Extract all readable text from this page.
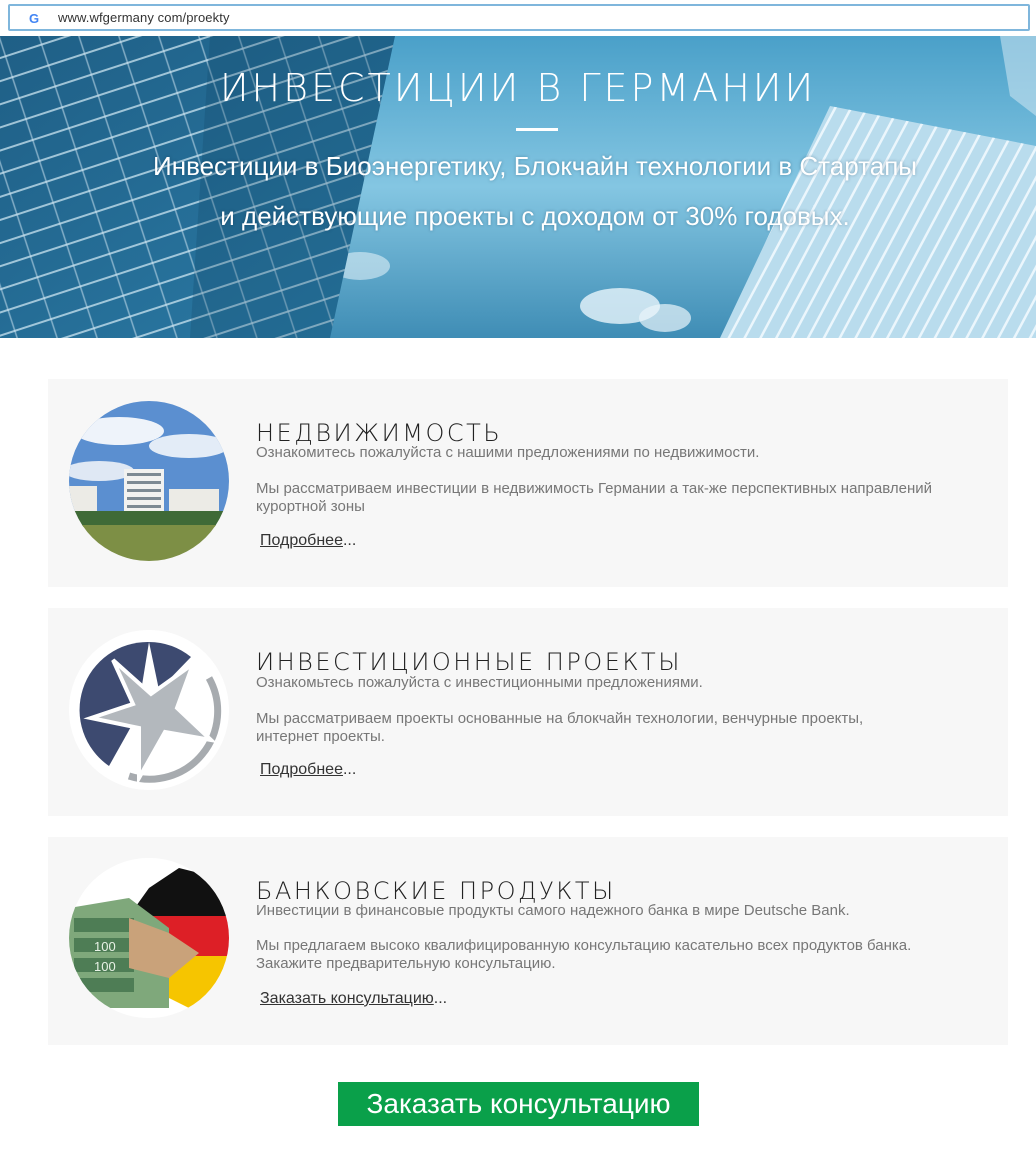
G www.wfgermany com/proekty
ИНВЕСТИЦИИ В ГЕРМАНИИ
Инвестиции в Биоэнергетику, Блокчайн технологии в Стартапы
и действующие проекты с доходом от 30% годовых.
НЕДВИЖИМОСТЬ
Ознакомитесь пожалуйста с нашими предложениями по недвижимости.
Мы рассматриваем инвестиции в недвижимость Германии а так-же перспективных направлений курортной зоны
Подробнее...
ИНВЕСТИЦИОННЫЕ ПРОЕКТЫ
Ознакомьтесь пожалуйста с инвестиционными предложениями.
Мы рассматриваем проекты основанные на блокчайн технологии, венчурные проекты, интернет проекты.
Подробнее...
100
100
БАНКОВСКИЕ ПРОДУКТЫ
Инвестиции в финансовые продукты самого надежного банка в мире Deutsche Bank.
Мы предлагаем высоко квалифицированную консультацию касательно всех продуктов банка. Закажите предварительную консультацию.
Заказать консультацию...
Заказать консультацию
